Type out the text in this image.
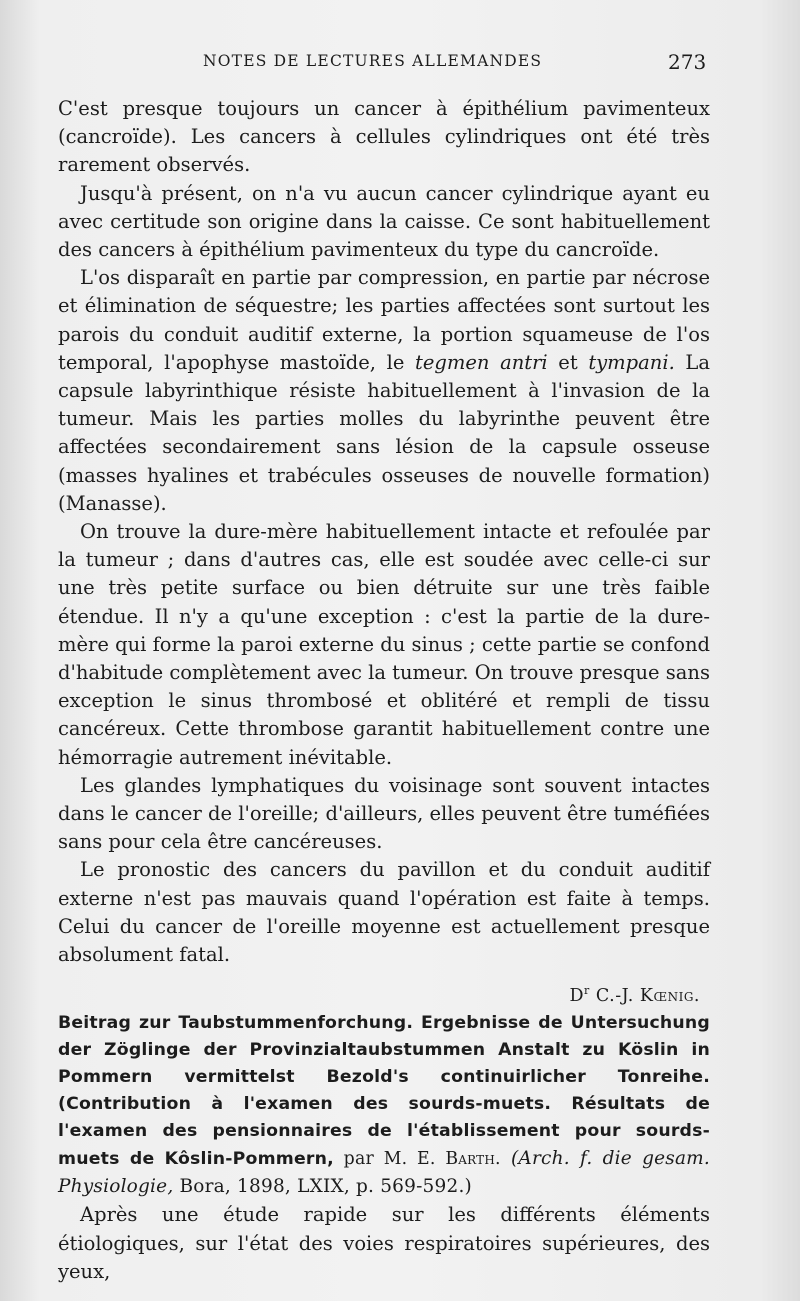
NOTES DE LECTURES ALLEMANDES	273

C'est presque toujours un cancer à épithélium pavimenteux (cancroïde). Les cancers à cellules cylindriques ont été très rarement observés.

Jusqu'à présent, on n'a vu aucun cancer cylindrique ayant eu avec certitude son origine dans la caisse. Ce sont habituellement des cancers à épithélium pavimenteux du type du cancroïde.

L'os disparaît en partie par compression, en partie par nécrose et élimination de séquestre; les parties affectées sont surtout les parois du conduit auditif externe, la portion squameuse de l'os temporal, l'apophyse mastoïde, le tegmen antri et tympani. La capsule labyrinthique résiste habituellement à l'invasion de la tumeur. Mais les parties molles du labyrinthe peuvent être affectées secondairement sans lésion de la capsule osseuse (masses hyalines et trabécules osseuses de nouvelle formation) (Manasse).

On trouve la dure-mère habituellement intacte et refoulée par la tumeur ; dans d'autres cas, elle est soudée avec celle-ci sur une très petite surface ou bien détruite sur une très faible étendue. Il n'y a qu'une exception : c'est la partie de la dure-mère qui forme la paroi externe du sinus ; cette partie se confond d'habitude complètement avec la tumeur. On trouve presque sans exception le sinus thrombosé et oblitéré et rempli de tissu cancéreux. Cette thrombose garantit habituellement contre une hémorragie autrement inévitable.

Les glandes lymphatiques du voisinage sont souvent intactes dans le cancer de l'oreille; d'ailleurs, elles peuvent être tuméfiées sans pour cela être cancéreuses.

Le pronostic des cancers du pavillon et du conduit auditif externe n'est pas mauvais quand l'opération est faite à temps. Celui du cancer de l'oreille moyenne est actuellement presque absolument fatal.

$D^r$ C.-J. Kœnig.

Beitrag zur Taubstummenforchung. Ergebnisse de Untersuchung der Zöglinge der Provinzialtaubstummen Anstalt zu Köslin in Pommern vermittelst Bezold's continuirlicher Tonreihe. (Contribution à l'examen des sourds-muets. Résultats de l'examen des pensionnaires de l'établissement pour sourds-muets de Kôslin-Pommern, par M. E. Barth. (Arch. f. die gesam. Physiologie, Bora, 1898, LXIX, p. 569-592.)

Après une étude rapide sur les différents éléments étiologiques, sur l'état des voies respiratoires supérieures, des yeux,
